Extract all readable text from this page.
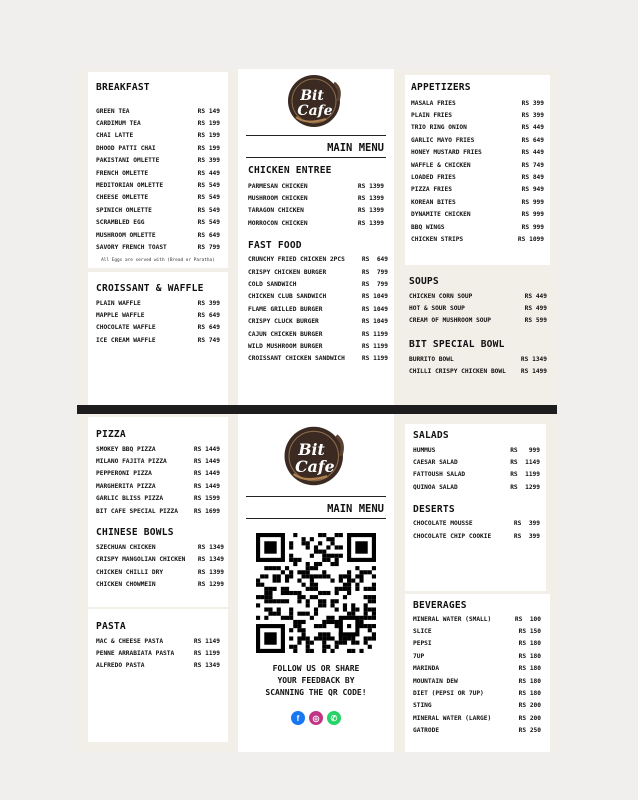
BREAKFAST
GREEN TEA	RS 149
CARDIMUM TEA	RS 199
CHAI LATTE	RS 199
DHOOD PATTI CHAI	RS 199
PAKISTANI OMLETTE	RS 399
FRENCH OMLETTE	RS 449
MEDITORIAN OMLETTE	RS 549
CHEESE OMLETTE	RS 549
SPINICH OMLETTE	RS 549
SCRAMBLED EGG	RS 549
MUSHROOM OMLETTE	RS 649
SAVORY FRENCH TOAST	RS 799
All Eggs are served with (Bread or Paratha)
CROISSANT & WAFFLE
PLAIN WAFFLE	RS 399
MAPPLE WAFFLE	RS 649
CHOCOLATE WAFFLE	RS 649
ICE CREAM WAFFLE	RS 749
Bit
Cafe
MAIN MENU
CHICKEN ENTREE
PARMESAN CHICKEN	RS 1399
MUSHROOM CHICKEN	RS 1399
TARAGON CHICKEN	RS 1399
MORROCON CHICKEN	RS 1399
FAST FOOD
CRUNCHY FRIED CHICKEN 2PCS	RS  649
CRISPY CHICKEN BURGER	RS  799
COLD SANDWICH	RS  799
CHICKEN CLUB SANDWICH	RS 1049
FLAME GRILLED BURGER	RS 1049
CRISPY CLUCK BURGER	RS 1049
CAJUN CHICKEN BURGER	RS 1199
WILD MUSHROOM BURGER	RS 1199
CROISSANT CHICKEN SANDWICH	RS 1199
APPETIZERS
MASALA FRIES	RS 399
PLAIN FRIES	RS 399
TRIO RING ONION	RS 449
GARLIC MAYO FRIES	RS 649
HONEY MUSTARD FRIES	RS 449
WAFFLE & CHICKEN	RS 749
LOADED FRIES	RS 849
PIZZA FRIES	RS 949
KOREAN BITES	RS 999
DYNAMITE CHICKEN	RS 999
BBQ WINGS	RS 999
CHICKEN STRIPS	RS 1099
SOUPS
CHICKEN CORN SOUP	RS 449
HOT & SOUR SOUP	RS 499
CREAM OF MUSHROOM SOUP	RS 599
BIT SPECIAL BOWL
BURRITO BOWL	RS 1349
CHILLI CRISPY CHICKEN BOWL RS 1499
PIZZA
SMOKEY BBQ PIZZA	RS 1449
MILANO FAJITA PIZZA	RS 1449
PEPPERONI PIZZA	RS 1449
MARGHERITA PIZZA	RS 1449
GARLIC BLISS PIZZA	RS 1599
BIT CAFE SPECIAL PIZZA	RS 1699
CHINESE BOWLS
SZECHUAN CHICKEN	RS 1349
CRISPY MANGOLIAN CHICKEN RS 1349
CHICKEN CHILLI DRY	RS 1399
CHICKEN CHOWMEIN	RS 1299
PASTA
MAC & CHEESE PASTA	RS 1149
PENNE ARRABIATA PASTA	RS 1199
ALFREDO PASTA	RS 1349
Bit
Cafe
MAIN MENU
FOLLOW US OR SHARE
YOUR FEEDBACK BY
SCANNING THE QR CODE!
f	◎	✆
SALADS
HUMMUS	RS   999
CAESAR SALAD	RS  1149
FATTOUSH SALAD	RS  1199
QUINOA SALAD	RS  1299
DESERTS
CHOCOLATE MOUSSE	RS  399
CHOCOLATE CHIP COOKIE	RS  399
BEVERAGES
MINERAL WATER (SMALL)	RS  100
SLICE	RS 150
PEPSI	RS 180
7UP	RS 180
MARINDA	RS 180
MOUNTAIN DEW	RS 180
DIET (PEPSI OR 7UP)	RS 180
STING	RS 200
MINERAL WATER (LARGE)	RS 200
GATRODE	RS 250
